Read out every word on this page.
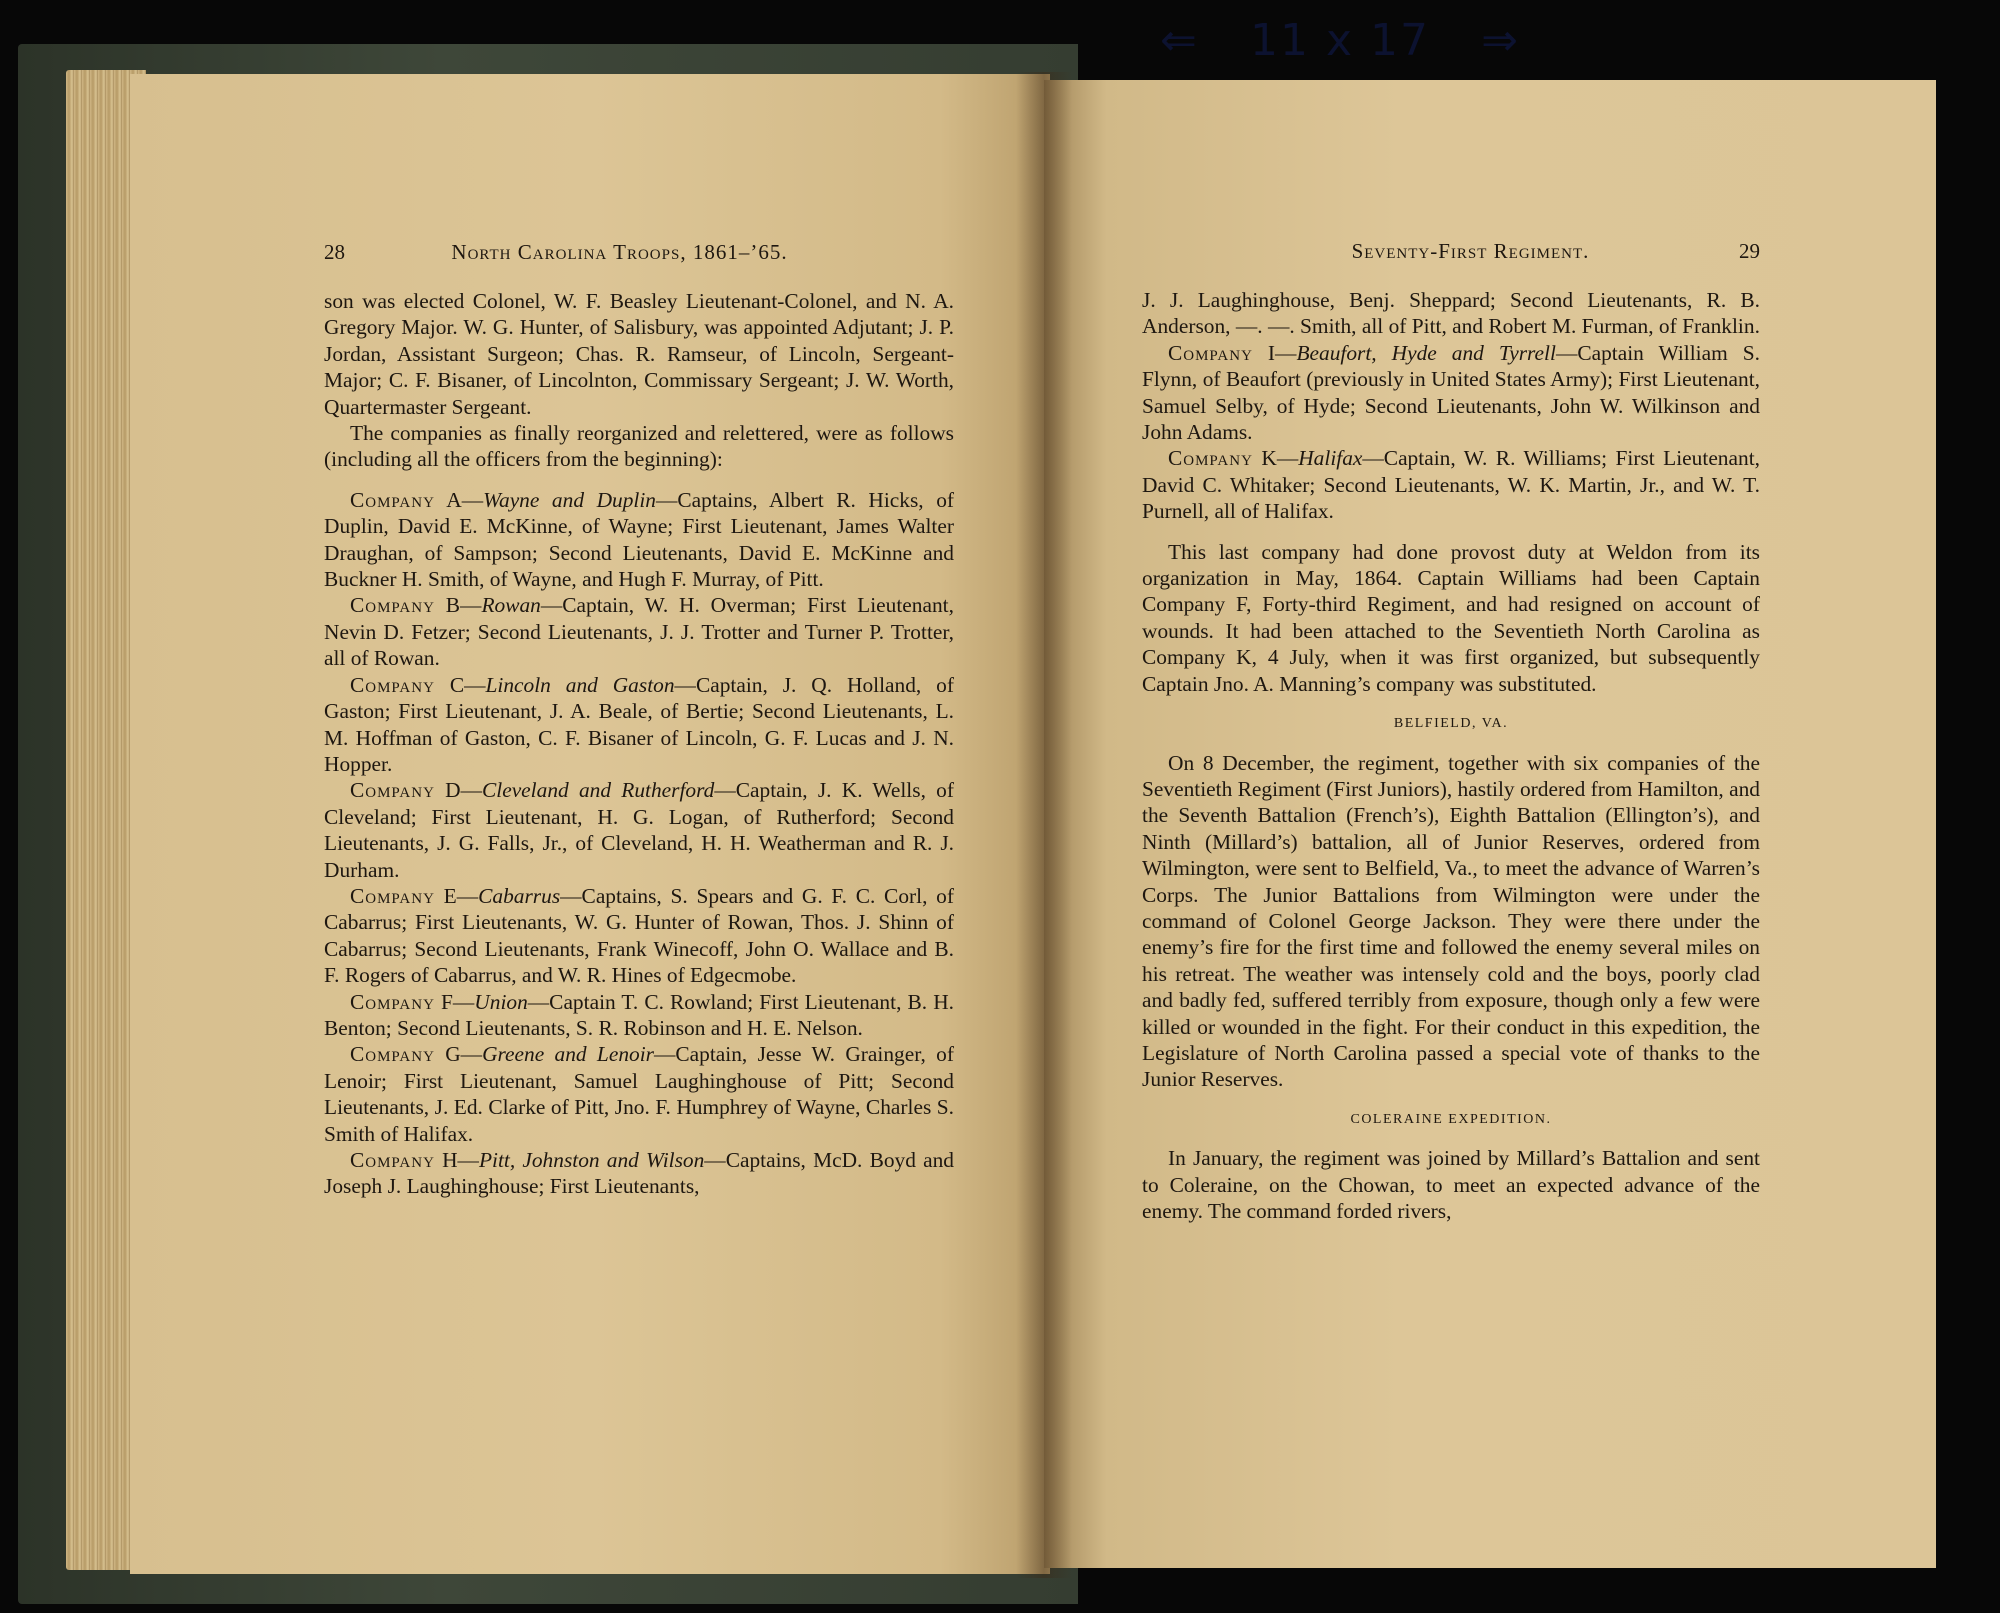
⇐ 11 x 17 ⇒
28	North Carolina Troops, 1861–’65.

son was elected Colonel, W. F. Beasley Lieutenant-Colonel, and N. A. Gregory Major. W. G. Hunter, of Salisbury, was appointed Adjutant; J. P. Jordan, Assistant Surgeon; Chas. R. Ramseur, of Lincoln, Sergeant-Major; C. F. Bisaner, of Lincolnton, Commissary Sergeant; J. W. Worth, Quartermaster Sergeant.

The companies as finally reorganized and relettered, were as follows (including all the officers from the beginning):

Company A—Wayne and Duplin—Captains, Albert R. Hicks, of Duplin, David E. McKinne, of Wayne; First Lieutenant, James Walter Draughan, of Sampson; Second Lieutenants, David E. McKinne and Buckner H. Smith, of Wayne, and Hugh F. Murray, of Pitt.

Company B—Rowan—Captain, W. H. Overman; First Lieutenant, Nevin D. Fetzer; Second Lieutenants, J. J. Trotter and Turner P. Trotter, all of Rowan.

Company C—Lincoln and Gaston—Captain, J. Q. Holland, of Gaston; First Lieutenant, J. A. Beale, of Bertie; Second Lieutenants, L. M. Hoffman of Gaston, C. F. Bisaner of Lincoln, G. F. Lucas and J. N. Hopper.

Company D—Cleveland and Rutherford—Captain, J. K. Wells, of Cleveland; First Lieutenant, H. G. Logan, of Rutherford; Second Lieutenants, J. G. Falls, Jr., of Cleveland, H. H. Weatherman and R. J. Durham.

Company E—Cabarrus—Captains, S. Spears and G. F. C. Corl, of Cabarrus; First Lieutenants, W. G. Hunter of Rowan, Thos. J. Shinn of Cabarrus; Second Lieutenants, Frank Winecoff, John O. Wallace and B. F. Rogers of Cabarrus, and W. R. Hines of Edgecmobe.

Company F—Union—Captain T. C. Rowland; First Lieutenant, B. H. Benton; Second Lieutenants, S. R. Robinson and H. E. Nelson.

Company G—Greene and Lenoir—Captain, Jesse W. Grainger, of Lenoir; First Lieutenant, Samuel Laughinghouse of Pitt; Second Lieutenants, J. Ed. Clarke of Pitt, Jno. F. Humphrey of Wayne, Charles S. Smith of Halifax.

Company H—Pitt, Johnston and Wilson—Captains, McD. Boyd and Joseph J. Laughinghouse; First Lieutenants,

Seventy-First Regiment.	29

J. J. Laughinghouse, Benj. Sheppard; Second Lieutenants, R. B. Anderson, —. —. Smith, all of Pitt, and Robert M. Furman, of Franklin.

Company I—Beaufort, Hyde and Tyrrell—Captain William S. Flynn, of Beaufort (previously in United States Army); First Lieutenant, Samuel Selby, of Hyde; Second Lieutenants, John W. Wilkinson and John Adams.

Company K—Halifax—Captain, W. R. Williams; First Lieutenant, David C. Whitaker; Second Lieutenants, W. K. Martin, Jr., and W. T. Purnell, all of Halifax.

This last company had done provost duty at Weldon from its organization in May, 1864. Captain Williams had been Captain Company F, Forty-third Regiment, and had resigned on account of wounds. It had been attached to the Seventieth North Carolina as Company K, 4 July, when it was first organized, but subsequently Captain Jno. A. Manning’s company was substituted.

BELFIELD, VA.

On 8 December, the regiment, together with six companies of the Seventieth Regiment (First Juniors), hastily ordered from Hamilton, and the Seventh Battalion (French’s), Eighth Battalion (Ellington’s), and Ninth (Millard’s) battalion, all of Junior Reserves, ordered from Wilmington, were sent to Belfield, Va., to meet the advance of Warren’s Corps. The Junior Battalions from Wilmington were under the command of Colonel George Jackson. They were there under the enemy’s fire for the first time and followed the enemy several miles on his retreat. The weather was intensely cold and the boys, poorly clad and badly fed, suffered terribly from exposure, though only a few were killed or wounded in the fight. For their conduct in this expedition, the Legislature of North Carolina passed a special vote of thanks to the Junior Reserves.

COLERAINE EXPEDITION.

In January, the regiment was joined by Millard’s Battalion and sent to Coleraine, on the Chowan, to meet an expected advance of the enemy. The command forded rivers,
